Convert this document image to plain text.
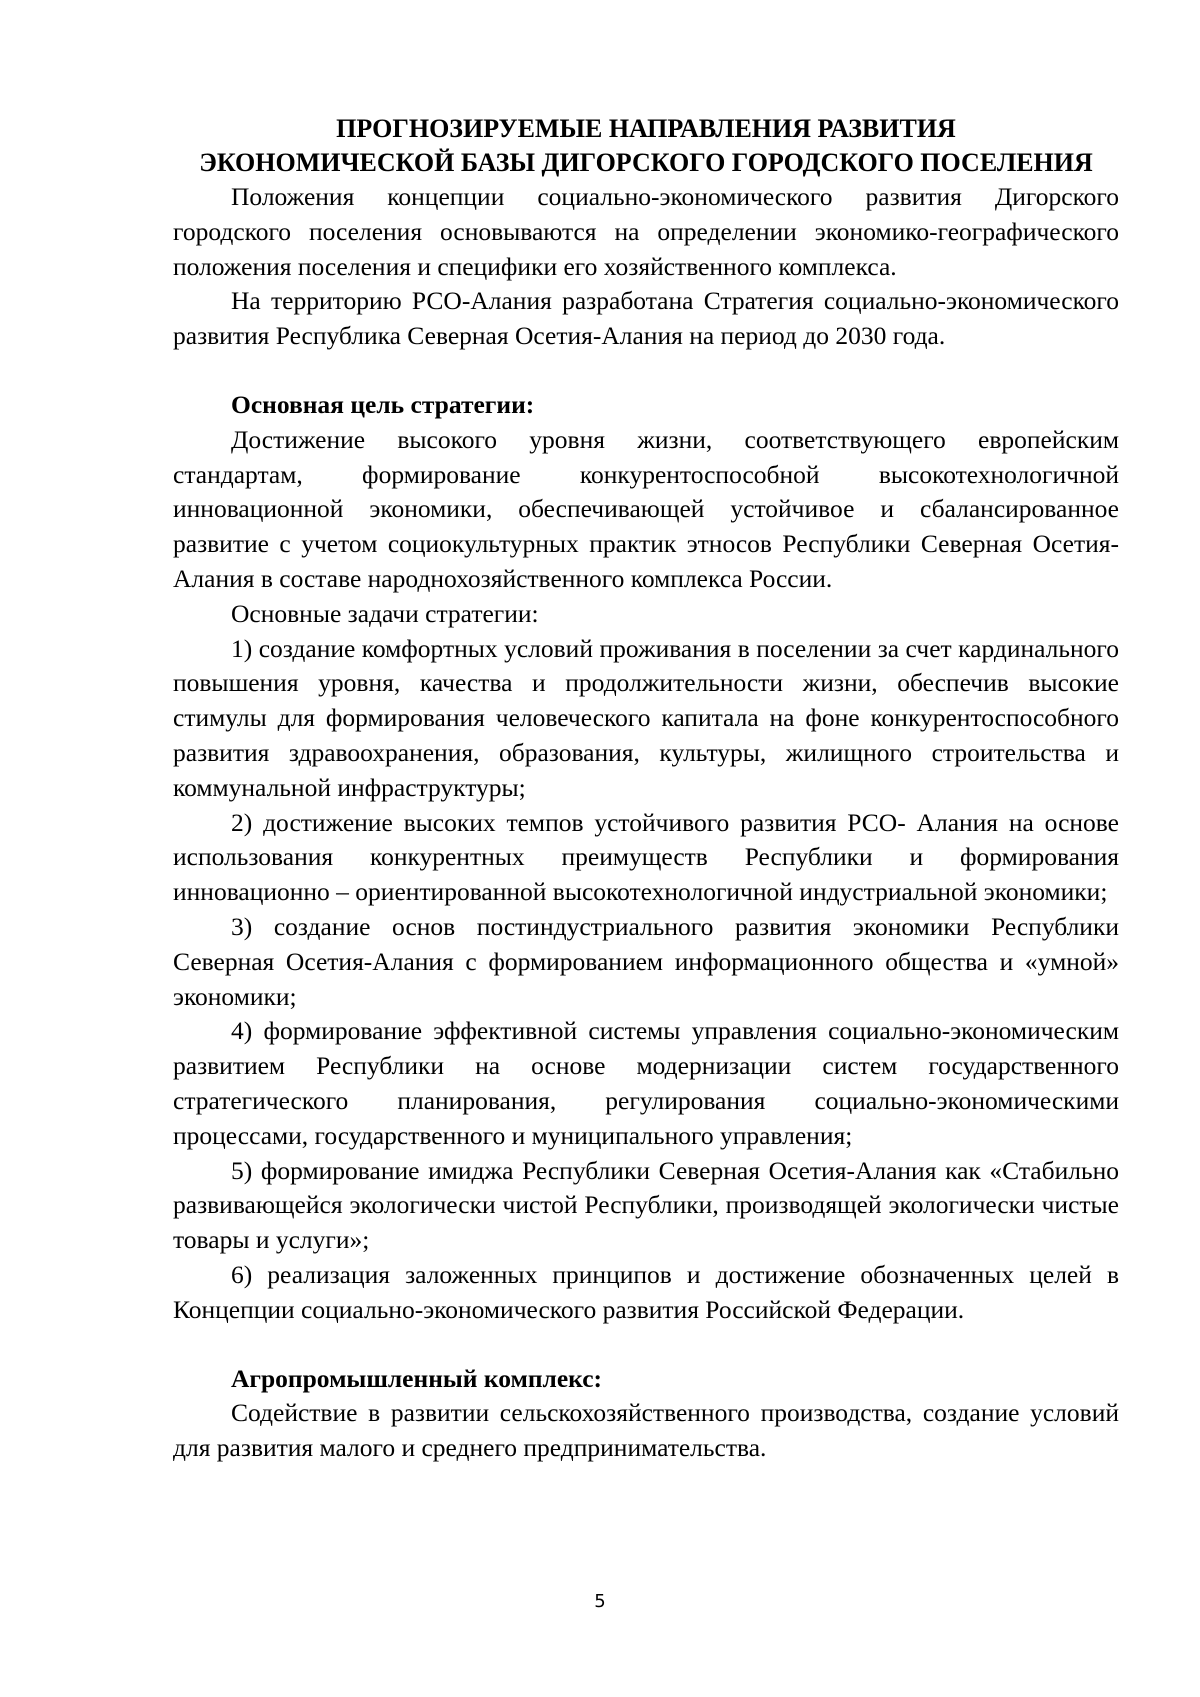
ПРОГНОЗИРУЕМЫЕ НАПРАВЛЕНИЯ РАЗВИТИЯ
ЭКОНОМИЧЕСКОЙ БАЗЫ ДИГОРСКОГО ГОРОДСКОГО ПОСЕЛЕНИЯ

Положения концепции социально-экономического развития Дигорского городского поселения основываются на определении экономико-географического положения поселения и специфики его хозяйственного комплекса.

На территорию РСО-Алания разработана Стратегия социально-экономического развития Республика Северная Осетия-Алания на период до 2030 года.

Основная цель стратегии:

Достижение высокого уровня жизни, соответствующего европейским стандартам, формирование конкурентоспособной высокотехнологичной инновационной экономики, обеспечивающей устойчивое и сбалансированное развитие с учетом социокультурных практик этносов Республики Северная Осетия-Алания в составе народнохозяйственного комплекса России.

Основные задачи стратегии:

1) создание комфортных условий проживания в поселении за счет кардинального повышения уровня, качества и продолжительности жизни, обеспечив высокие стимулы для формирования человеческого капитала на фоне конкурентоспособного развития здравоохранения, образования, культуры, жилищного строительства и коммунальной инфраструктуры;

2) достижение высоких темпов устойчивого развития РСО- Алания на основе использования конкурентных преимуществ Республики и формирования инновационно – ориентированной высокотехнологичной индустриальной экономики;

3) создание основ постиндустриального развития экономики Республики Северная Осетия-Алания с формированием информационного общества и «умной» экономики;

4) формирование эффективной системы управления социально-экономическим развитием Республики на основе модернизации систем государственного стратегического планирования, регулирования социально-экономическими процессами, государственного и муниципального управления;

5) формирование имиджа Республики Северная Осетия-Алания как «Стабильно развивающейся экологически чистой Республики, производящей экологически чистые товары и услуги»;

6) реализация заложенных принципов и достижение обозначенных целей в Концепции социально-экономического развития Российской Федерации.

Агропромышленный комплекс:

Содействие в развитии сельскохозяйственного производства, создание условий для развития малого и среднего предпринимательства.

5
